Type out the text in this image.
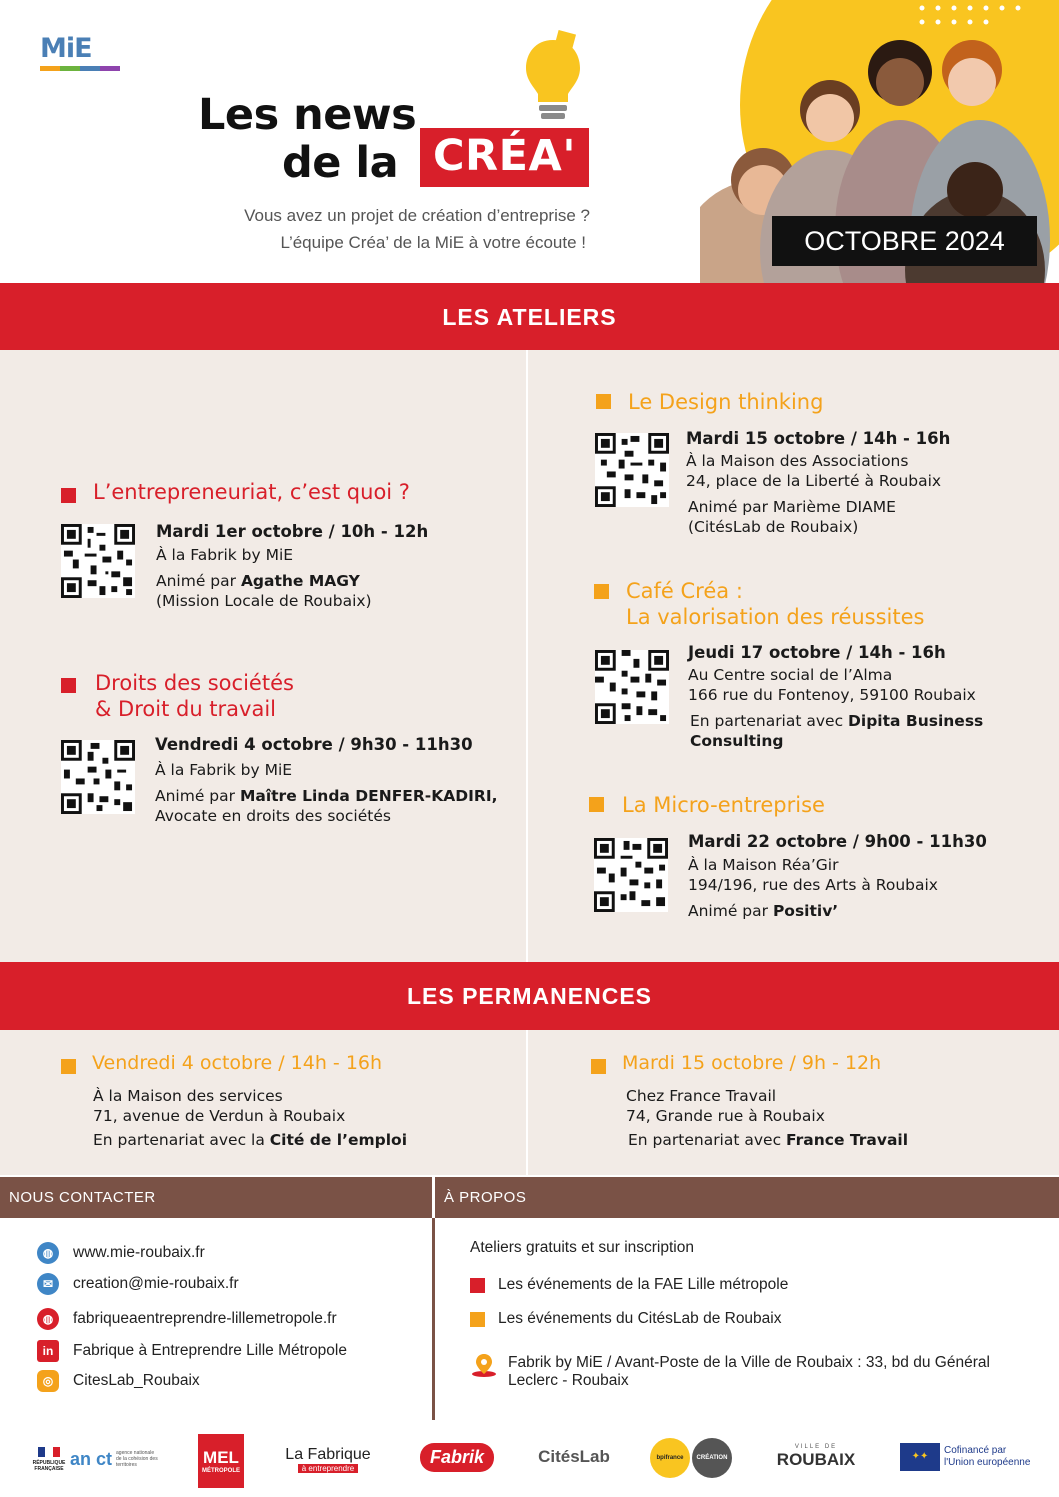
MiE
Les news
de la CRÉA'
Vous avez un projet de création d’entreprise ?
L’équipe Créa’ de la MiE à votre écoute !	OCTOBRE 2024
LES ATELIERS
L’entrepreneuriat, c’est quoi ?
Mardi 1er octobre / 10h - 12h
À la Fabrik by MiE
Animé par Agathe MAGY
(Mission Locale de Roubaix)
Droits des sociétés
& Droit du travail
Vendredi 4 octobre / 9h30 - 11h30
À la Fabrik by MiE
Animé par Maître Linda DENFER-KADIRI,
Avocate en droits des sociétés
Le Design thinking
Mardi 15 octobre / 14h - 16h
À la Maison des Associations
24, place de la Liberté à Roubaix
Animé par Marième DIAME
(CitésLab de Roubaix)
Café Créa :
La valorisation des réussites
Jeudi 17 octobre / 14h - 16h
Au Centre social de l’Alma
166 rue du Fontenoy, 59100 Roubaix
En partenariat avec Dipita Business
Consulting
La Micro-entreprise
Mardi 22 octobre / 9h00 - 11h30
À la Maison Réa’Gir
194/196, rue des Arts à Roubaix
Animé par Positiv’
LES PERMANENCES
Vendredi 4 octobre / 14h - 16h
À la Maison des services
71, avenue de Verdun à Roubaix
En partenariat avec la Cité de l’emploi
Mardi 15 octobre / 9h - 12h
Chez France Travail
74, Grande rue à Roubaix
En partenariat avec France Travail
NOUS CONTACTER	À PROPOS
◍	www.mie-roubaix.fr
✉	creation@mie-roubaix.fr
◍	fabriqueaentreprendre-lillemetropole.fr
in	Fabrique à Entreprendre Lille Métropole
◎	CitesLab_Roubaix
Ateliers gratuits et sur inscription
Les événements de la FAE Lille métropole
Les événements du CitésLab de Roubaix
Fabrik by MiE / Avant-Poste de la Ville de Roubaix : 33, bd du Général
Leclerc - Roubaix
RÉPUBLIQUE FRANÇAISE an ct agence nationale de la cohésion des territoires	MEL
MÉTROPOLE
La Fabrique
à entreprendre
Fabrik	CitésLab	bpifrance CRÉATION
VILLE DE
ROUBAIX	✦✦
Cofinancé par
l'Union européenne
